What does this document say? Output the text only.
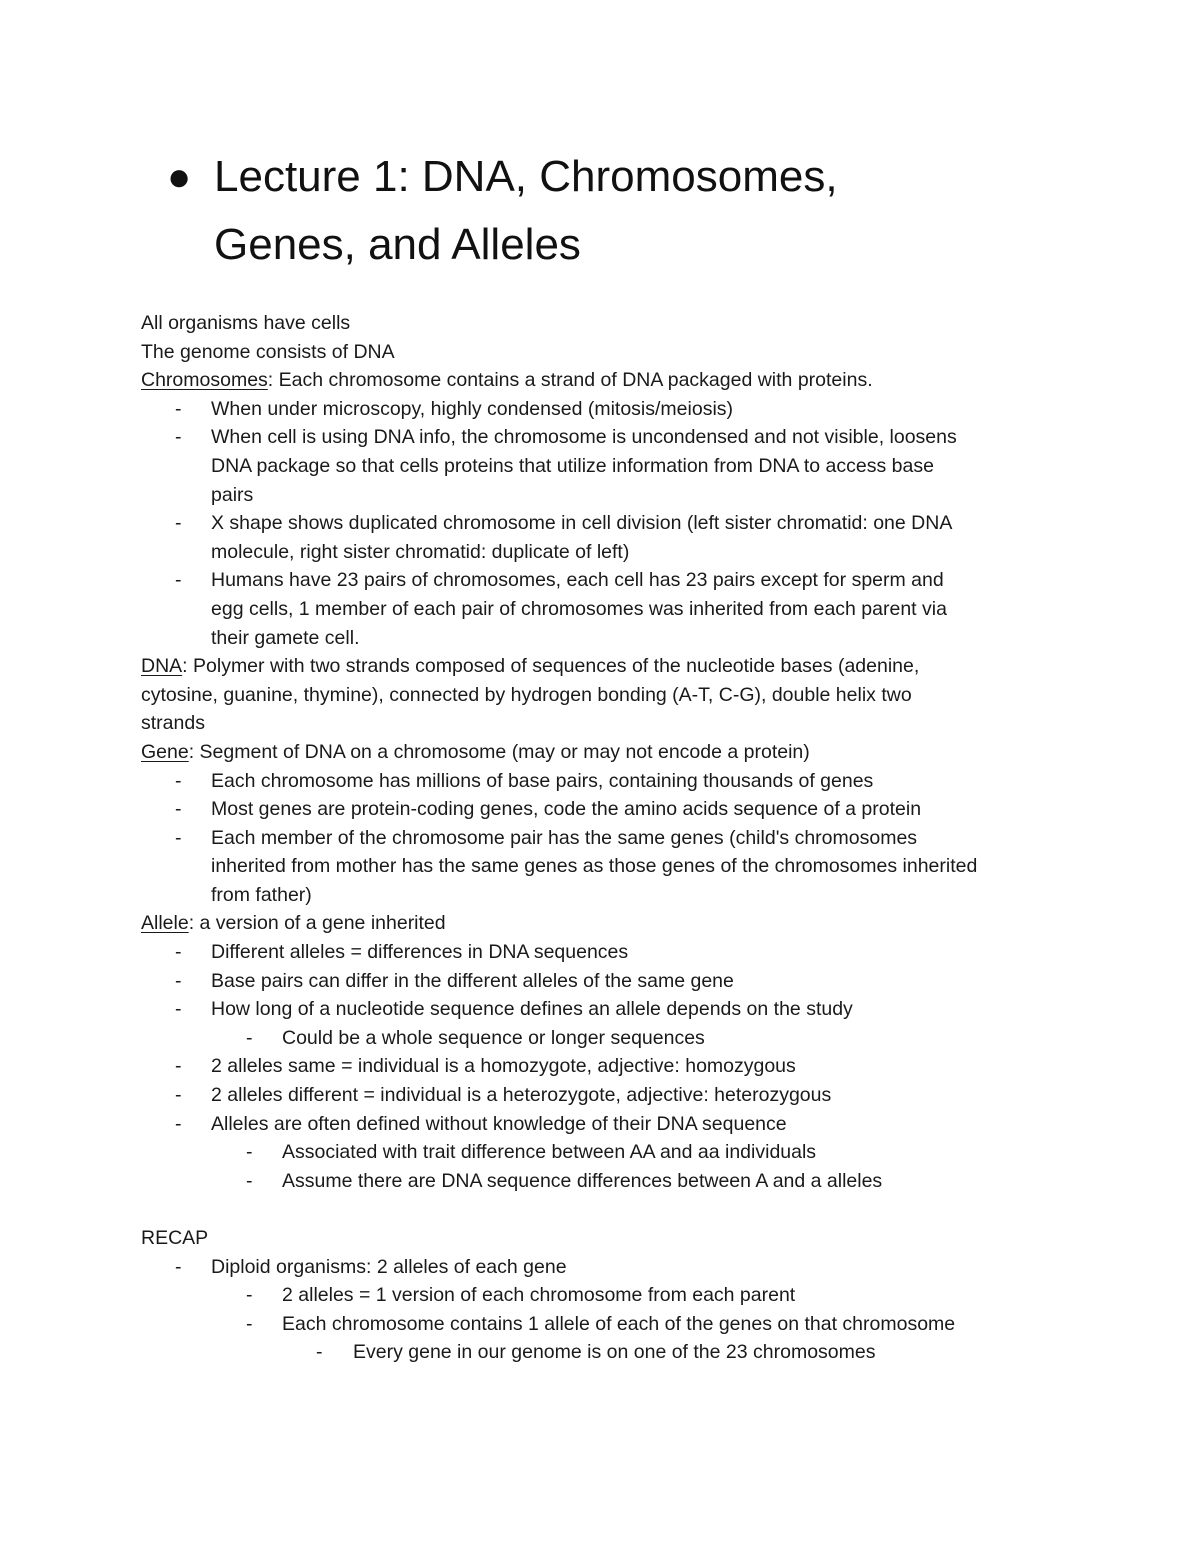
● Lecture 1: DNA, Chromosomes,
Genes, and Alleles
All organisms have cells
The genome consists of DNA
Chromosomes: Each chromosome contains a strand of DNA packaged with proteins.
- When under microscopy, highly condensed (mitosis/meiosis)
- When cell is using DNA info, the chromosome is uncondensed and not visible, loosens
DNA package so that cells proteins that utilize information from DNA to access base
pairs
- X shape shows duplicated chromosome in cell division (left sister chromatid: one DNA
molecule, right sister chromatid: duplicate of left)
- Humans have 23 pairs of chromosomes, each cell has 23 pairs except for sperm and
egg cells, 1 member of each pair of chromosomes was inherited from each parent via
their gamete cell.
DNA: Polymer with two strands composed of sequences of the nucleotide bases (adenine,
cytosine, guanine, thymine), connected by hydrogen bonding (A-T, C-G), double helix two
strands
Gene: Segment of DNA on a chromosome (may or may not encode a protein)
- Each chromosome has millions of base pairs, containing thousands of genes
- Most genes are protein-coding genes, code the amino acids sequence of a protein
- Each member of the chromosome pair has the same genes (child's chromosomes
inherited from mother has the same genes as those genes of the chromosomes inherited
from father)
Allele: a version of a gene inherited
- Different alleles = differences in DNA sequences
- Base pairs can differ in the different alleles of the same gene
- How long of a nucleotide sequence defines an allele depends on the study
- Could be a whole sequence or longer sequences
- 2 alleles same = individual is a homozygote, adjective: homozygous
- 2 alleles different = individual is a heterozygote, adjective: heterozygous
- Alleles are often defined without knowledge of their DNA sequence
- Associated with trait difference between AA and aa individuals
- Assume there are DNA sequence differences between A and a alleles
RECAP
- Diploid organisms: 2 alleles of each gene
- 2 alleles = 1 version of each chromosome from each parent
- Each chromosome contains 1 allele of each of the genes on that chromosome
- Every gene in our genome is on one of the 23 chromosomes
